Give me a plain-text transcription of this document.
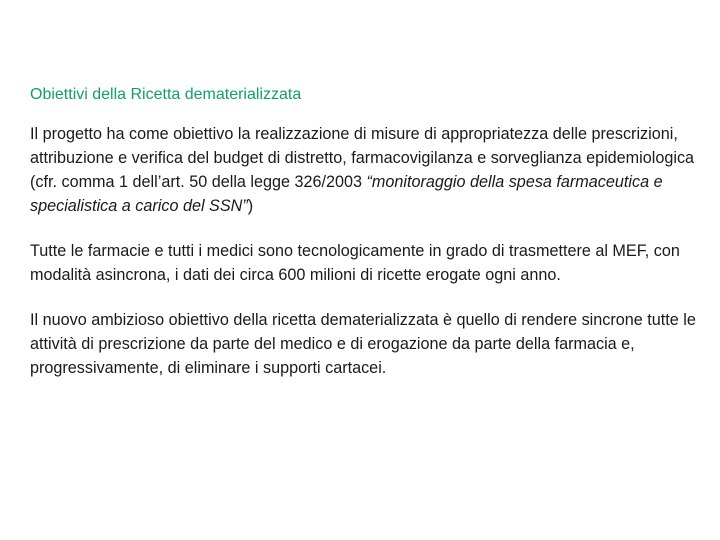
Obiettivi della Ricetta dematerializzata

Il progetto ha come obiettivo la realizzazione di misure di appropriatezza delle prescrizioni, attribuzione e verifica del budget di distretto, farmacovigilanza e sorveglianza epidemiologica (cfr. comma 1 dell’art. 50 della legge 326/2003 “monitoraggio della spesa farmaceutica e specialistica a carico del SSN”)

Tutte le farmacie e tutti i medici sono tecnologicamente in grado di trasmettere al MEF, con modalità asincrona, i dati dei circa 600 milioni di ricette erogate ogni anno.

Il nuovo ambizioso obiettivo della ricetta dematerializzata è quello di rendere sincrone tutte le attività di prescrizione da parte del medico e di erogazione da parte della farmacia e, progressivamente, di eliminare i supporti cartacei.
